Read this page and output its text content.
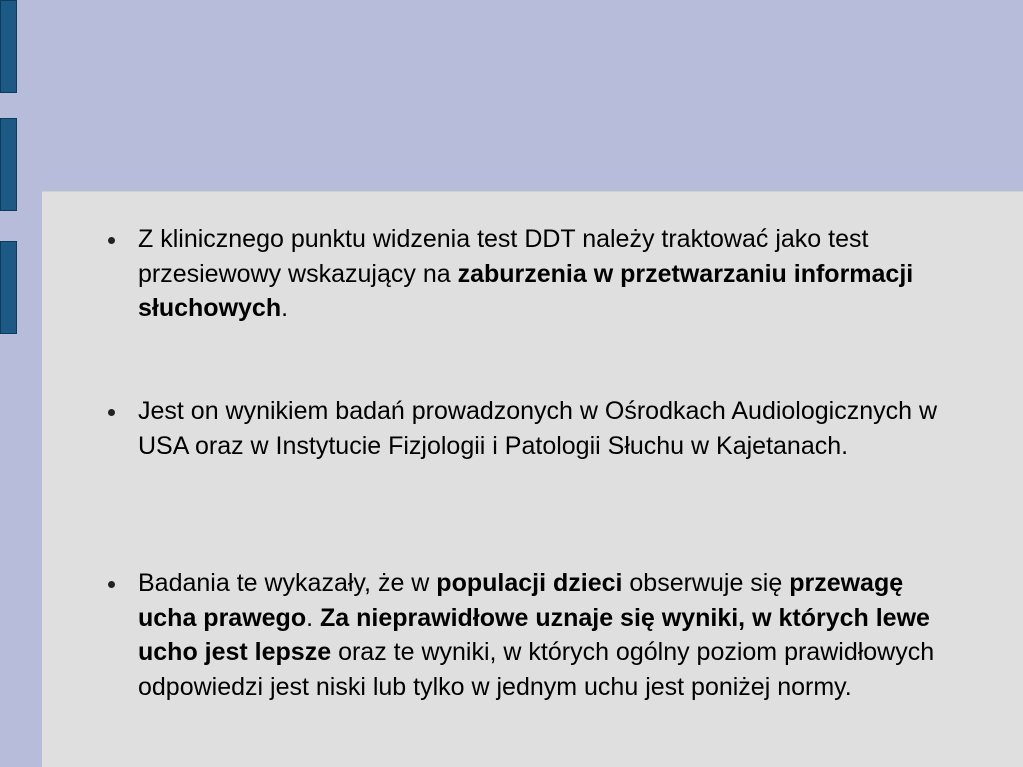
Z klinicznego punktu widzenia test DDT należy traktować jako test przesiewowy wskazujący na zaburzenia w przetwarzaniu informacji słuchowych.
Jest on wynikiem badań prowadzonych w Ośrodkach Audiologicznych w USA oraz w Instytucie Fizjologii i Patologii Słuchu w Kajetanach.
Badania te wykazały, że w populacji dzieci obserwuje się przewagę ucha prawego. Za nieprawidłowe uznaje się wyniki, w których lewe ucho jest lepsze oraz te wyniki, w których ogólny poziom prawidłowych odpowiedzi jest niski lub tylko w jednym uchu jest poniżej normy.
